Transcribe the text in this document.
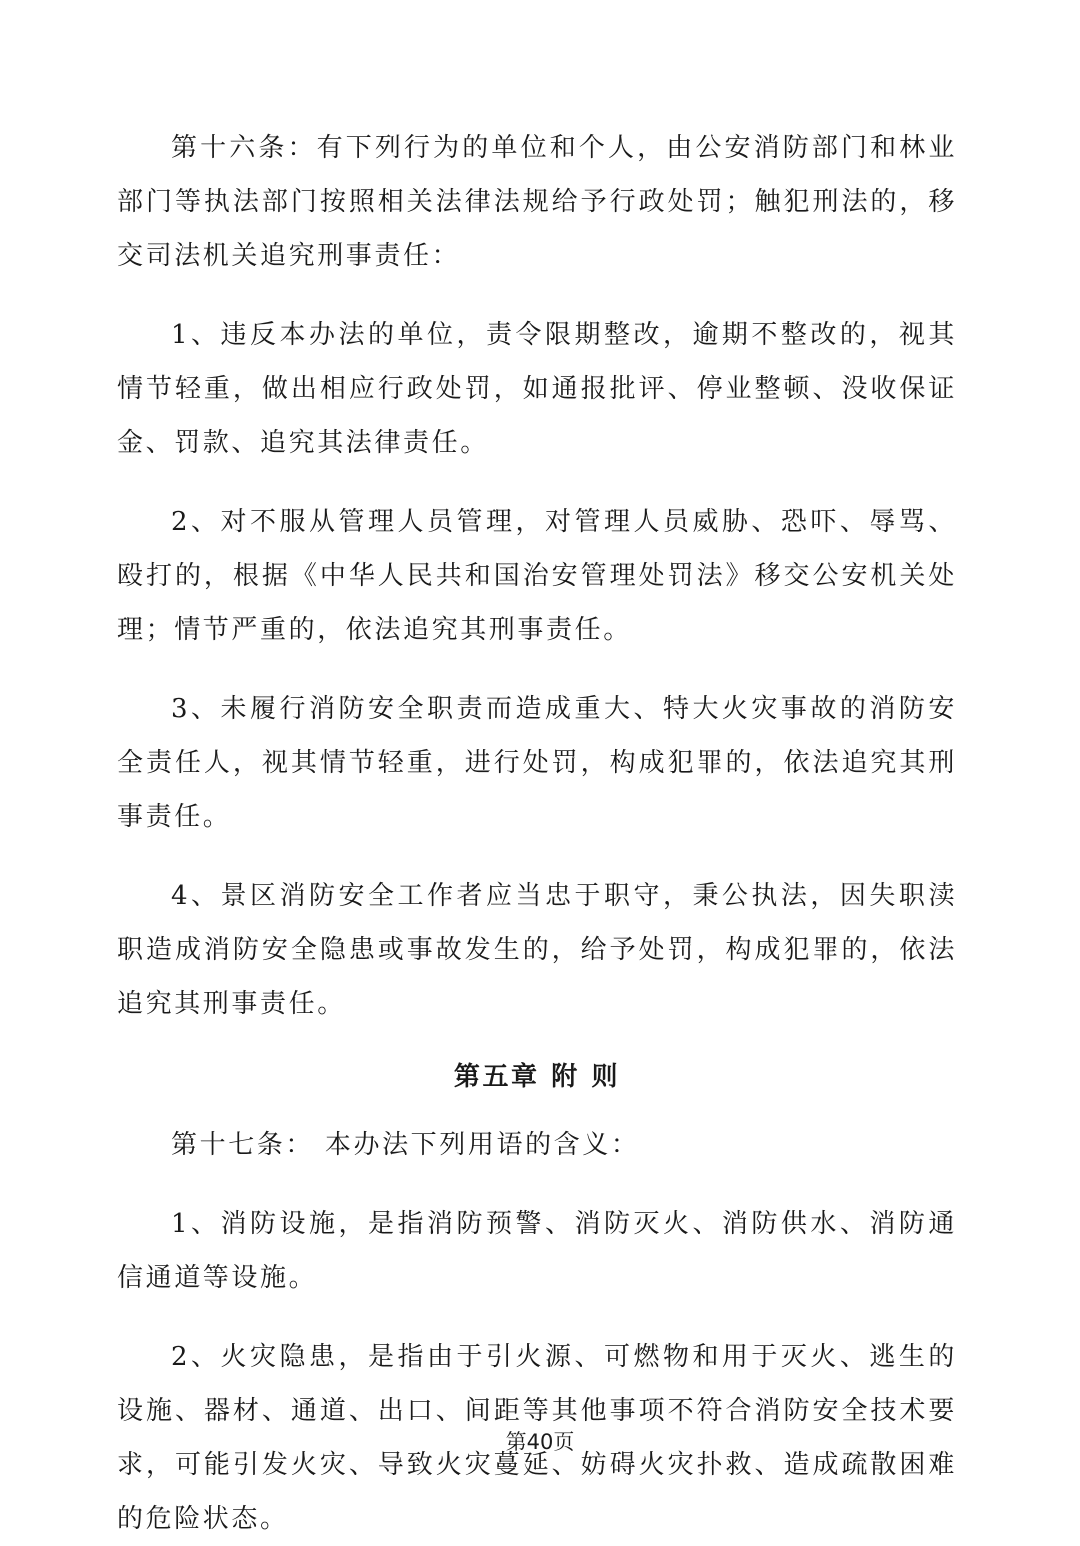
第十六条：有下列行为的单位和个人，由公安消防部门和林业部门等执法部门按照相关法律法规给予行政处罚；触犯刑法的，移交司法机关追究刑事责任：

1、违反本办法的单位，责令限期整改，逾期不整改的，视其情节轻重，做出相应行政处罚，如通报批评、停业整顿、没收保证金、罚款、追究其法律责任。

2、对不服从管理人员管理，对管理人员威胁、恐吓、辱骂、殴打的，根据《中华人民共和国治安管理处罚法》移交公安机关处理；情节严重的，依法追究其刑事责任。

3、未履行消防安全职责而造成重大、特大火灾事故的消防安全责任人，视其情节轻重，进行处罚，构成犯罪的，依法追究其刑事责任。

4、景区消防安全工作者应当忠于职守，秉公执法，因失职渎职造成消防安全隐患或事故发生的，给予处罚，构成犯罪的，依法追究其刑事责任。

第五章 附 则

第十七条： 本办法下列用语的含义：

1、消防设施，是指消防预警、消防灭火、消防供水、消防通信通道等设施。

2、火灾隐患，是指由于引火源、可燃物和用于灭火、逃生的设施、器材、通道、出口、间距等其他事项不符合消防安全技术要求，可能引发火灾、导致火灾蔓延、妨碍火灾扑救、造成疏散困难的危险状态。

第40页
